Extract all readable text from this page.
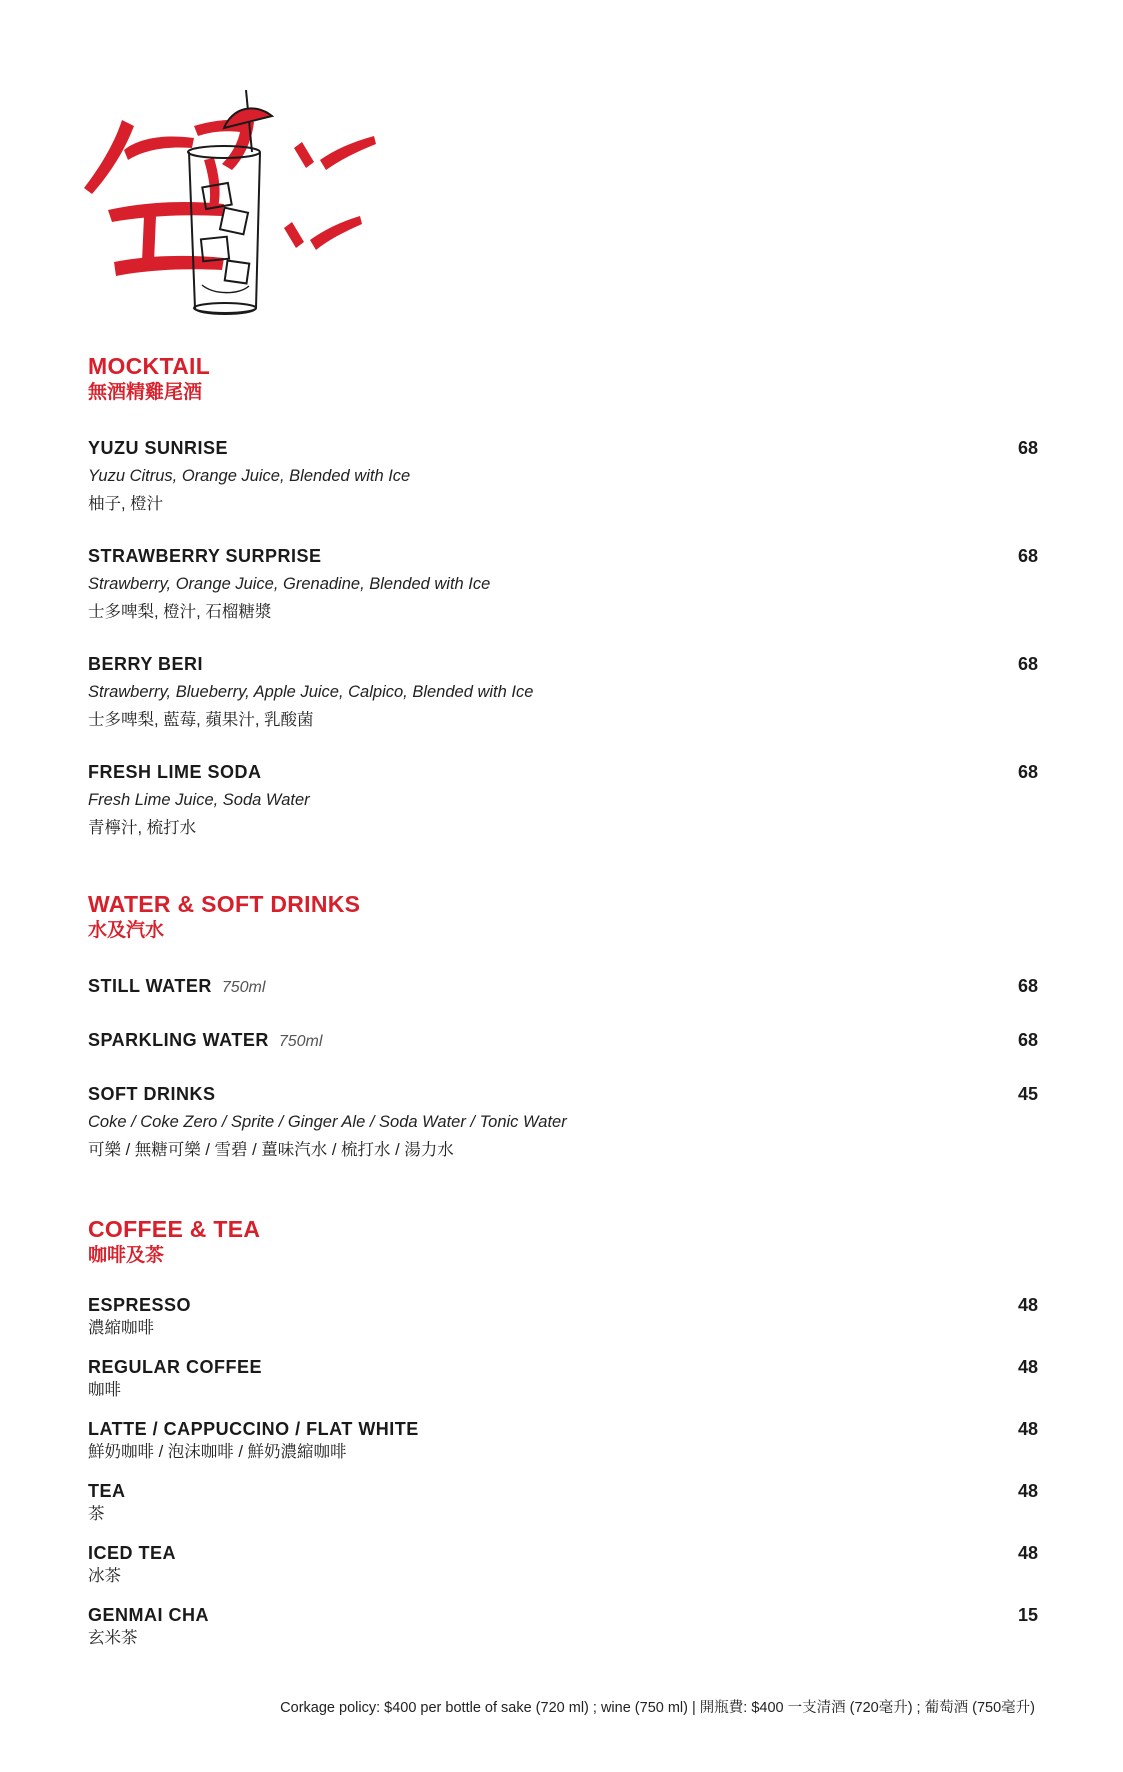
MOCKTAIL
無酒精雞尾酒
YUZU SUNRISE	68
Yuzu Citrus, Orange Juice, Blended with Ice
柚子, 橙汁
STRAWBERRY SURPRISE	68
Strawberry, Orange Juice, Grenadine, Blended with Ice
士多啤梨, 橙汁, 石榴糖漿
BERRY BERI	68
Strawberry, Blueberry, Apple Juice, Calpico, Blended with Ice
士多啤梨, 藍莓, 蘋果汁, 乳酸菌
FRESH LIME SODA	68
Fresh Lime Juice, Soda Water
青檸汁, 梳打水
WATER & SOFT DRINKS
水及汽水
STILL WATER 750ml	68
SPARKLING WATER 750ml	68
SOFT DRINKS	45
Coke / Coke Zero / Sprite / Ginger Ale / Soda Water / Tonic Water
可樂 / 無糖可樂 / 雪碧 / 薑味汽水 / 梳打水 / 湯力水
COFFEE & TEA
咖啡及茶
ESPRESSO	48
濃縮咖啡
REGULAR COFFEE	48
咖啡
LATTE / CAPPUCCINO / FLAT WHITE	48
鮮奶咖啡 / 泡沫咖啡 / 鮮奶濃縮咖啡
TEA	48
茶
ICED TEA	48
冰茶
GENMAI CHA	15
玄米茶
Corkage policy: $400 per bottle of sake (720 ml) ; wine (750 ml) | 開瓶費: $400 一支清酒 (720毫升) ; 葡萄酒 (750毫升)
